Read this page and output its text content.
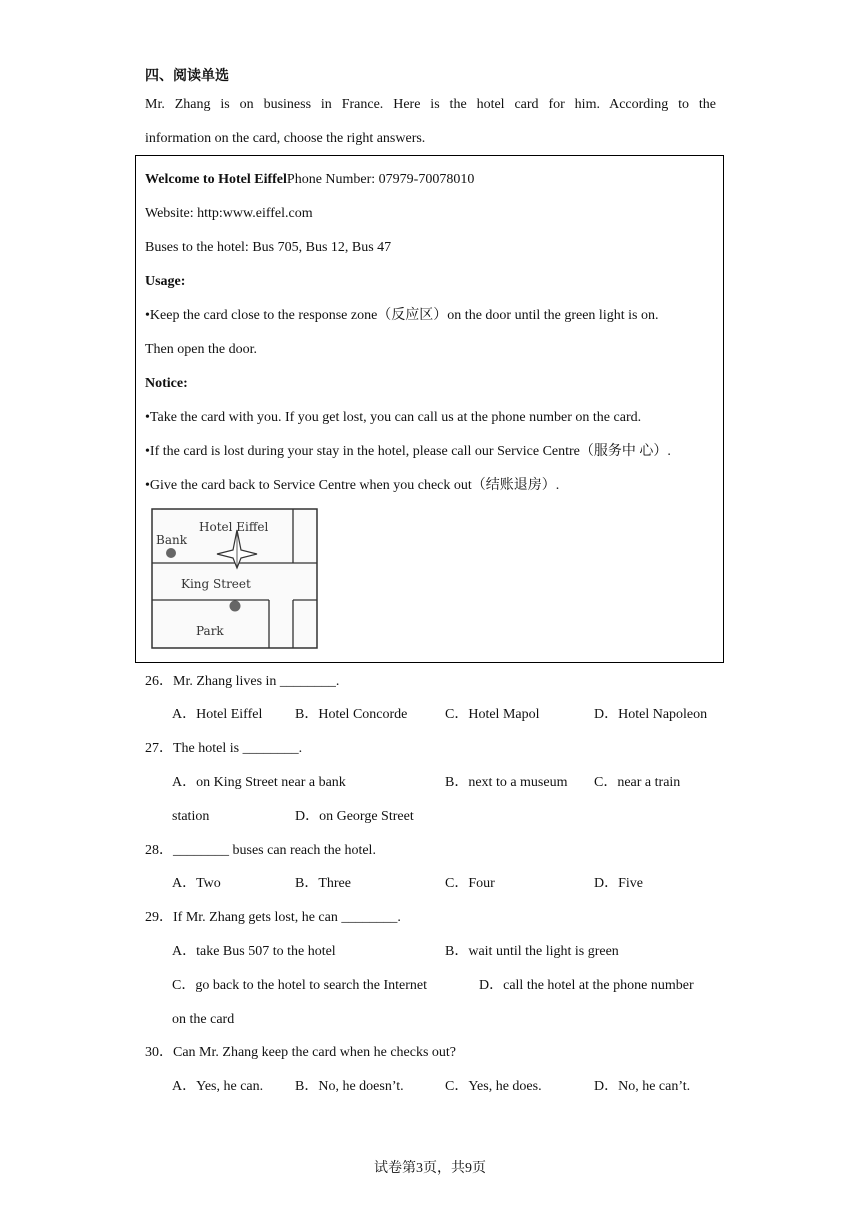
四、阅读单选
Mr. Zhang is on business in France. Here is the hotel card for him. According to the
information on the card, choose the right answers.
Welcome to Hotel EiffelPhone Number: 07979-70078010
Website: http:www.eiffel.com
Buses to the hotel: Bus 705, Bus 12, Bus 47
Usage:
•Keep the card close to the response zone（反应区）on the door until the green light is on.
Then open the door.
Notice:
•Take the card with you. If you get lost, you can call us at the phone number on the card.
•If the card is lost during your stay in the hotel, please call our Service Centre（服务中 心）.
•Give the card back to Service Centre when you check out（结账退房）.
Bank
Hotel Eiffel
King Street
Park
26．Mr. Zhang lives in ________.
A．Hotel Eiffel B．Hotel Concorde	C．Hotel Mapol	D．Hotel Napoleon
27．The hotel is ________.
A．on King Street near a bank	B．next to a museum C．near a train
station	D．on George Street
28．________ buses can reach the hotel.
A．Two	B．Three	C．Four	D．Five
29．If Mr. Zhang gets lost, he can ________.
A．take Bus 507 to the hotel	B．wait until the light is green
C．go back to the hotel to search the Internet	D．call the hotel at the phone number
on the card
30．Can Mr. Zhang keep the card when he checks out?
A．Yes, he can. B．No, he doesn’t.	C．Yes, he does.	D．No, he can’t.
试卷第3页，共9页
